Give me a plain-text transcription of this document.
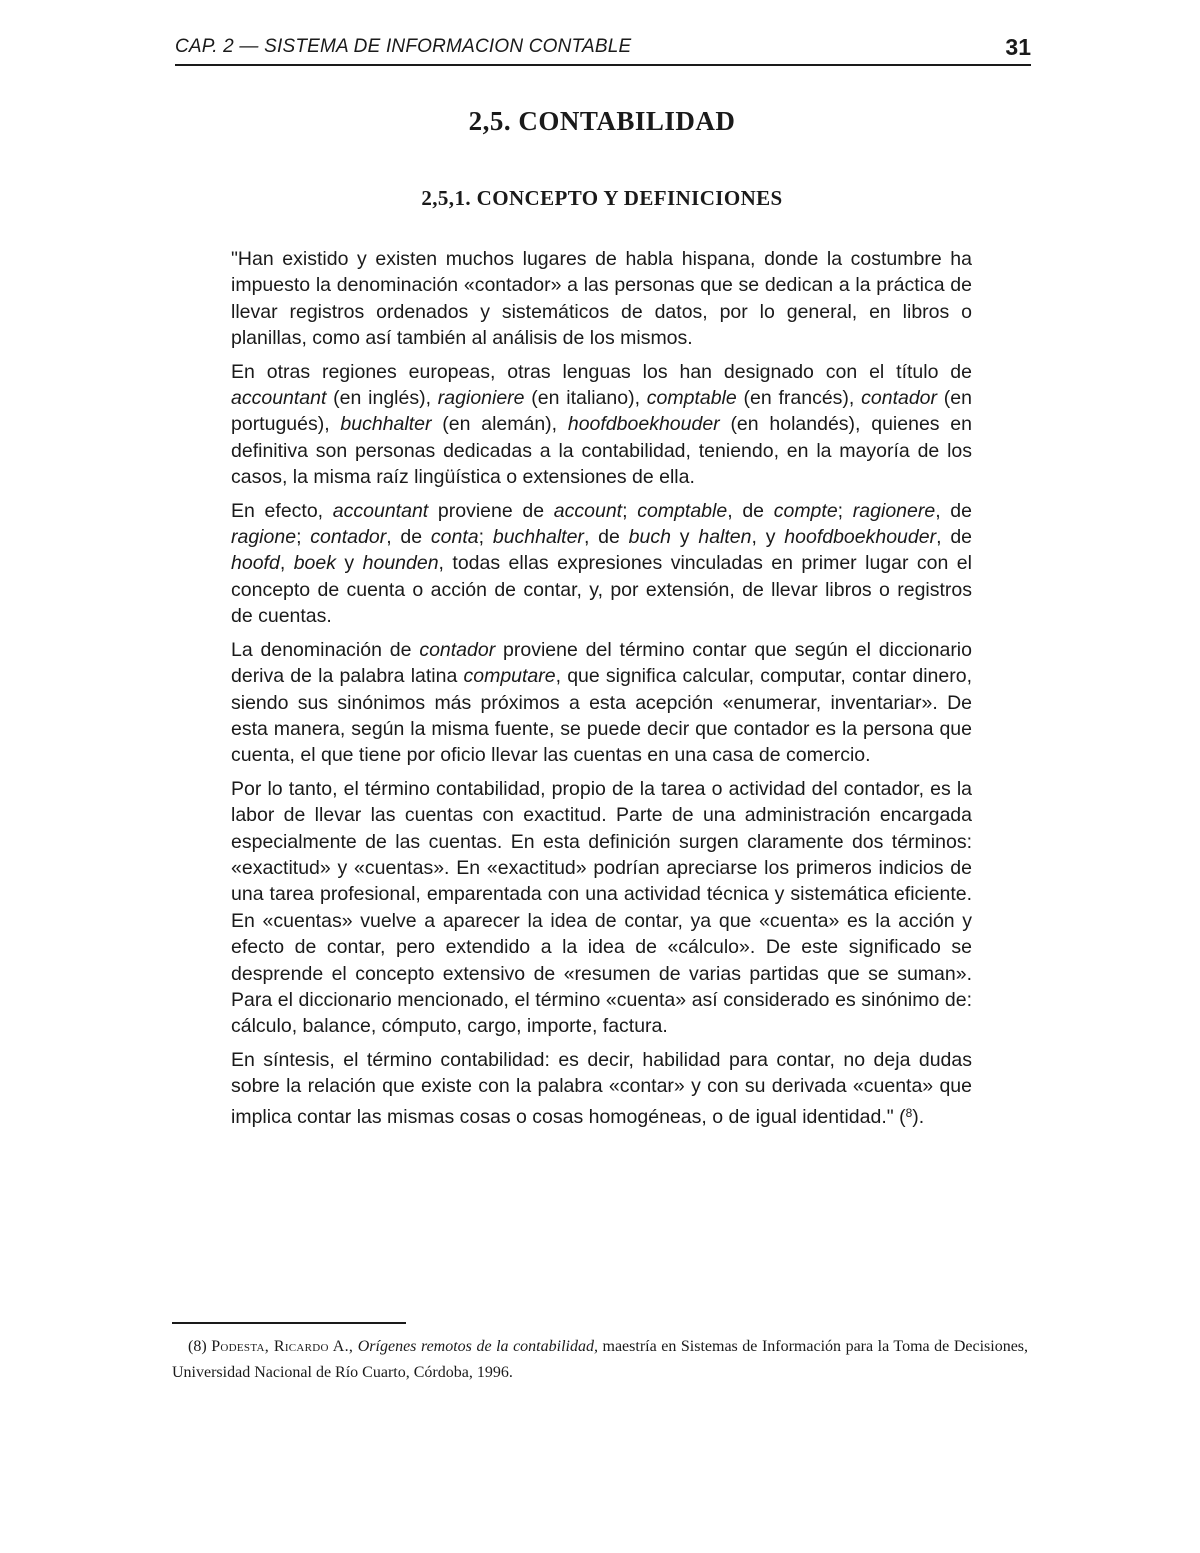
CAP. 2 — SISTEMA DE INFORMACION CONTABLE	31
2,5. CONTABILIDAD
2,5,1. CONCEPTO Y DEFINICIONES

"Han existido y existen muchos lugares de habla hispana, donde la costumbre ha impuesto la denominación «contador» a las personas que se dedican a la práctica de llevar registros ordenados y sistemáticos de datos, por lo general, en libros o planillas, como así también al análisis de los mismos.

En otras regiones europeas, otras lenguas los han designado con el título de accountant (en inglés), ragioniere (en italiano), comptable (en francés), contador (en portugués), buchhalter (en alemán), hoofdboekhouder (en holandés), quienes en definitiva son personas dedicadas a la contabilidad, teniendo, en la mayoría de los casos, la misma raíz lingüística o extensiones de ella.

En efecto, accountant proviene de account; comptable, de compte; ragionere, de ragione; contador, de conta; buchhalter, de buch y halten, y hoofdboekhouder, de hoofd, boek y hounden, todas ellas expresiones vinculadas en primer lugar con el concepto de cuenta o acción de contar, y, por extensión, de llevar libros o registros de cuentas.

La denominación de contador proviene del término contar que según el diccionario deriva de la palabra latina computare, que significa calcular, computar, contar dinero, siendo sus sinónimos más próximos a esta acepción «enumerar, inventariar». De esta manera, según la misma fuente, se puede decir que contador es la persona que cuenta, el que tiene por oficio llevar las cuentas en una casa de comercio.

Por lo tanto, el término contabilidad, propio de la tarea o actividad del contador, es la labor de llevar las cuentas con exactitud. Parte de una administración encargada especialmente de las cuentas. En esta definición surgen claramente dos términos: «exactitud» y «cuentas». En «exactitud» podrían apreciarse los primeros indicios de una tarea profesional, emparentada con una actividad técnica y sistemática eficiente. En «cuentas» vuelve a aparecer la idea de contar, ya que «cuenta» es la acción y efecto de contar, pero extendido a la idea de «cálculo». De este significado se desprende el concepto extensivo de «resumen de varias partidas que se suman». Para el diccionario mencionado, el término «cuenta» así considerado es sinónimo de: cálculo, balance, cómputo, cargo, importe, factura.

En síntesis, el término contabilidad: es decir, habilidad para contar, no deja dudas sobre la relación que existe con la palabra «contar» y con su derivada «cuenta» que implica contar las mismas cosas o cosas homogéneas, o de igual identidad." ($^8$).

(8) Podesta, Ricardo A., Orígenes remotos de la contabilidad, maestría en Sistemas de Información para la Toma de Decisiones, Universidad Nacional de Río Cuarto, Córdoba, 1996.
